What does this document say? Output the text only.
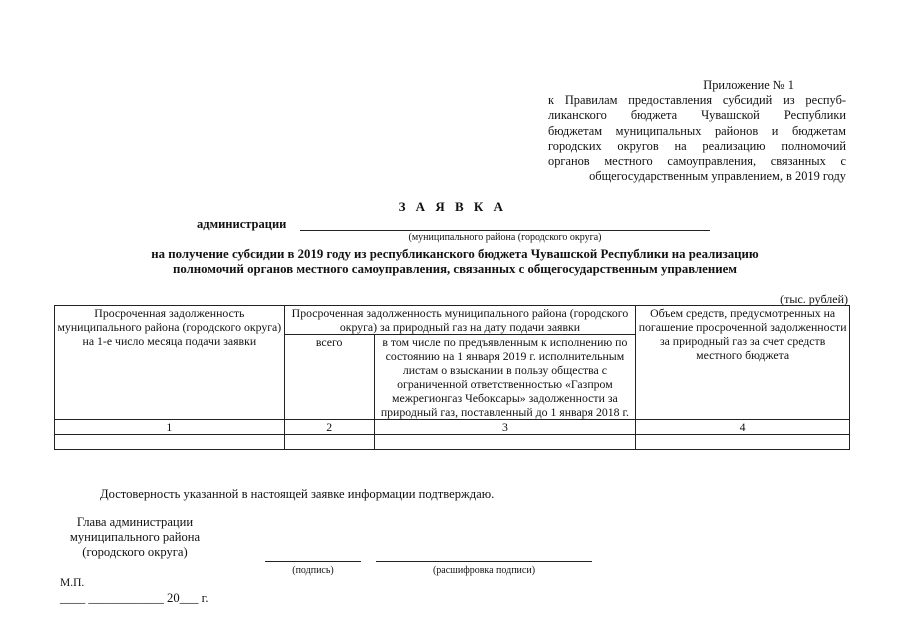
Приложение № 1
к Правилам предоставления субсидий из респуб-
ликанского бюджета Чувашской Республики
бюджетам муниципальных районов и бюджетам
городских округов на реализацию полномочий
органов местного самоуправления, связанных с
общегосударственным управлением, в 2019 году
З А Я В К А
администрации
(муниципального района (городского округа)
на получение субсидии в 2019 году из республиканского бюджета Чувашской Республики на реализацию
полномочий органов местного самоуправления, связанных с общегосударственным управлением
(тыс. рублей)
Просроченная задолженность муниципального района (городского округа) на 1-е число месяца подачи заявки	Просроченная задолженность муниципального района (городского округа) за природный газ на дату подачи заявки		Объем средств, предусмотренных на погашение просроченной задолженности за природный газ за счет средств местного бюджета
	всего	в том числе по предъявленным к исполнению по состоянию на 1 января 2019 г. исполнительным листам о взыскании в пользу общества с ограниченной ответственностью «Газпром межрегионгаз Чебоксары» задолженности за природный газ, поставленный до 1 января 2018 г.	
1	2	3	4

Достоверность указанной в настоящей заявке информации подтверждаю.
Глава администрации
муниципального района
(городского округа)
(подпись)	(расшифровка подписи)
М.П.
____ ____________ 20___ г.
